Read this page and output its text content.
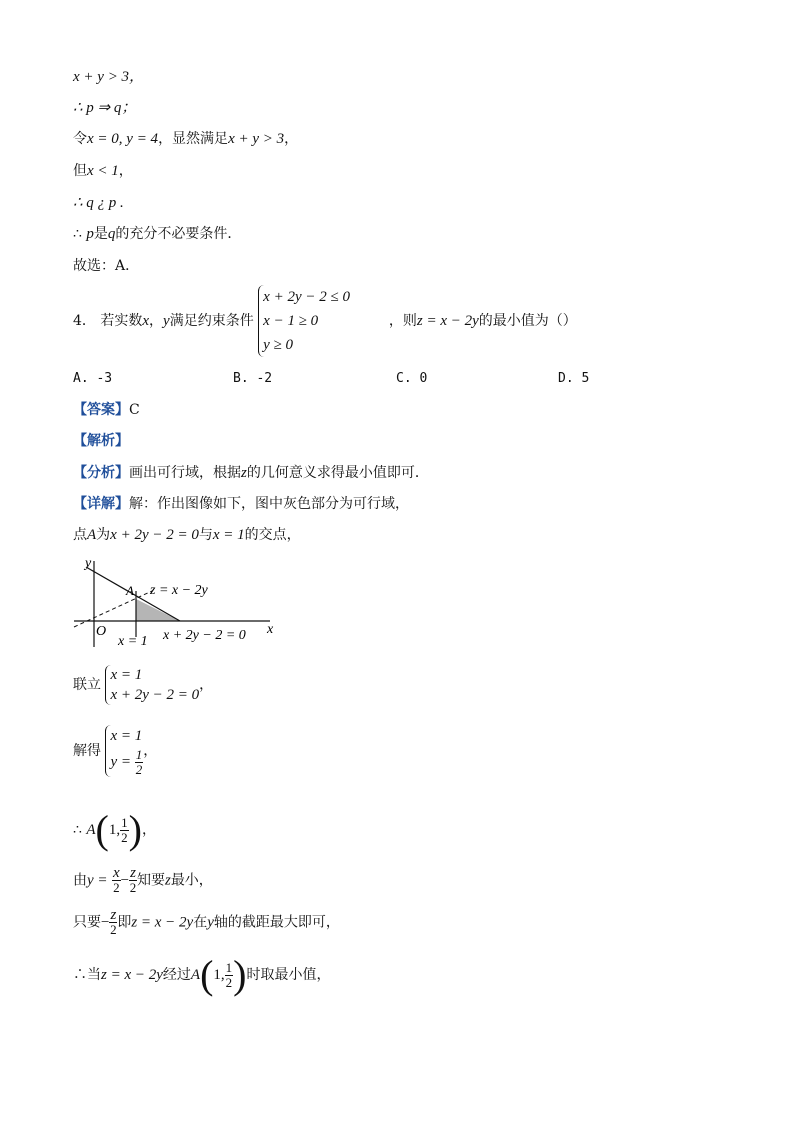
x + y > 3，
∴ p ⇒ q；
令x = 0, y = 4，显然满足x + y > 3，
但x < 1，
∴ q ¿ p .
∴ p是q的充分不必要条件．
故选：A．
4． 若实数x，y满足约束条件
x + 2y − 2 ≤ 0
x − 1 ≥ 0
y ≥ 0
，则z = x − 2y的最小值为（）
A. -3	B. -2	C. 0	D. 5
【答案】C
【解析】
【分析】画出可行域，根据z的几何意义求得最小值即可．
【详解】解：作出图像如下，图中灰色部分为可行域，
点A为x + 2y − 2 = 0与x = 1的交点，
y
x
O
A z = x − 2y
x = 1 x + 2y − 2 = 0
联立
x = 1
x + 2y − 2 = 0
，
解得
x = 1
$y = \frac{1}{2}$ ，
∴ A(1, $\frac{1}{2}$ )，
由$y = \frac{x}{2} - \frac{z}{2}$ 知要z最小，
只要− $\frac{z}{2}$ 即z = x − 2y在y轴的截距最大即可，
∴当z = x − 2y经过A(1, $\frac{1}{2}$ )时取最小值，
